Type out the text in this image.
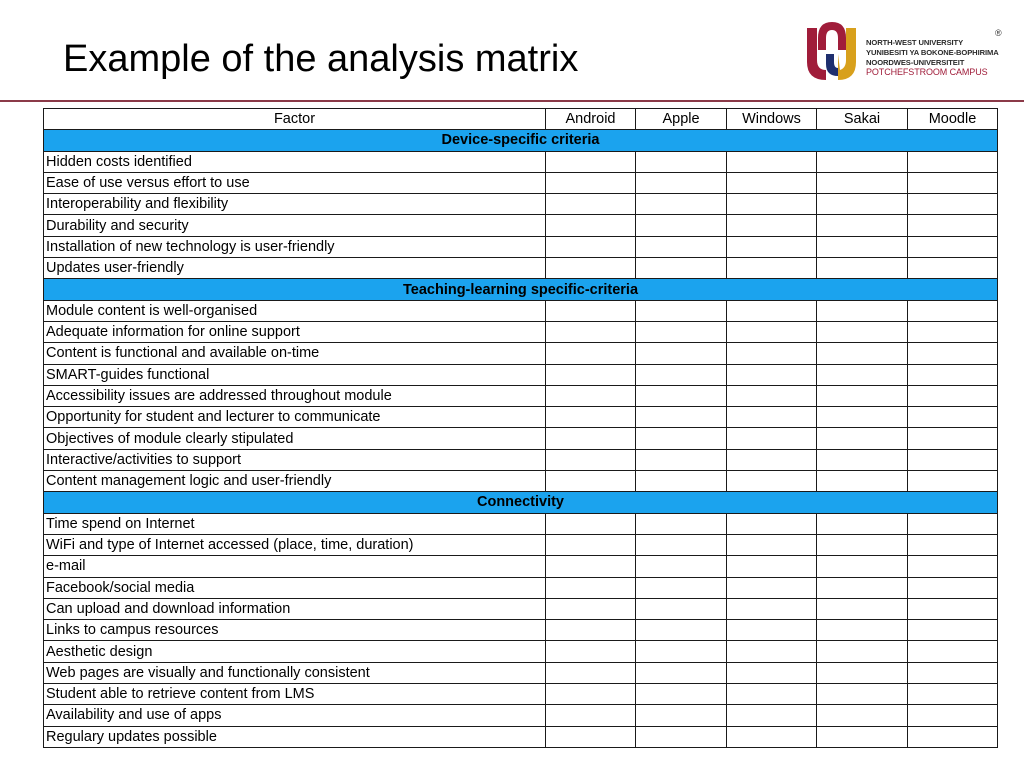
Example of the analysis matrix	NORTH-WEST UNIVERSITY
YUNIBESITI YA BOKONE-BOPHIRIMA
NOORDWES-UNIVERSITEIT
POTCHEFSTROOM CAMPUS
®
Factor	Android	Apple	Windows	Sakai	Moodle
Device-specific criteria					
Hidden costs identified					
Ease of use versus effort to use					
Interoperability and flexibility					
Durability and security					
Installation of new technology is user-friendly					
Updates user-friendly					
Teaching-learning specific-criteria					
Module content is well-organised					
Adequate information for online support					
Content is functional and available on-time					
SMART-guides functional					
Accessibility issues are addressed throughout module					
Opportunity for student and lecturer to communicate					
Objectives of module clearly stipulated					
Interactive/activities to support					
Content management logic and user-friendly					
Connectivity					
Time spend on Internet					
WiFi and type of Internet accessed (place, time, duration)					
e-mail					
Facebook/social media					
Can upload and download information					
Links to campus resources					
Aesthetic design					
Web pages are visually and functionally consistent					
Student able to retrieve content from LMS					
Availability and use of apps					
Regulary updates possible					
